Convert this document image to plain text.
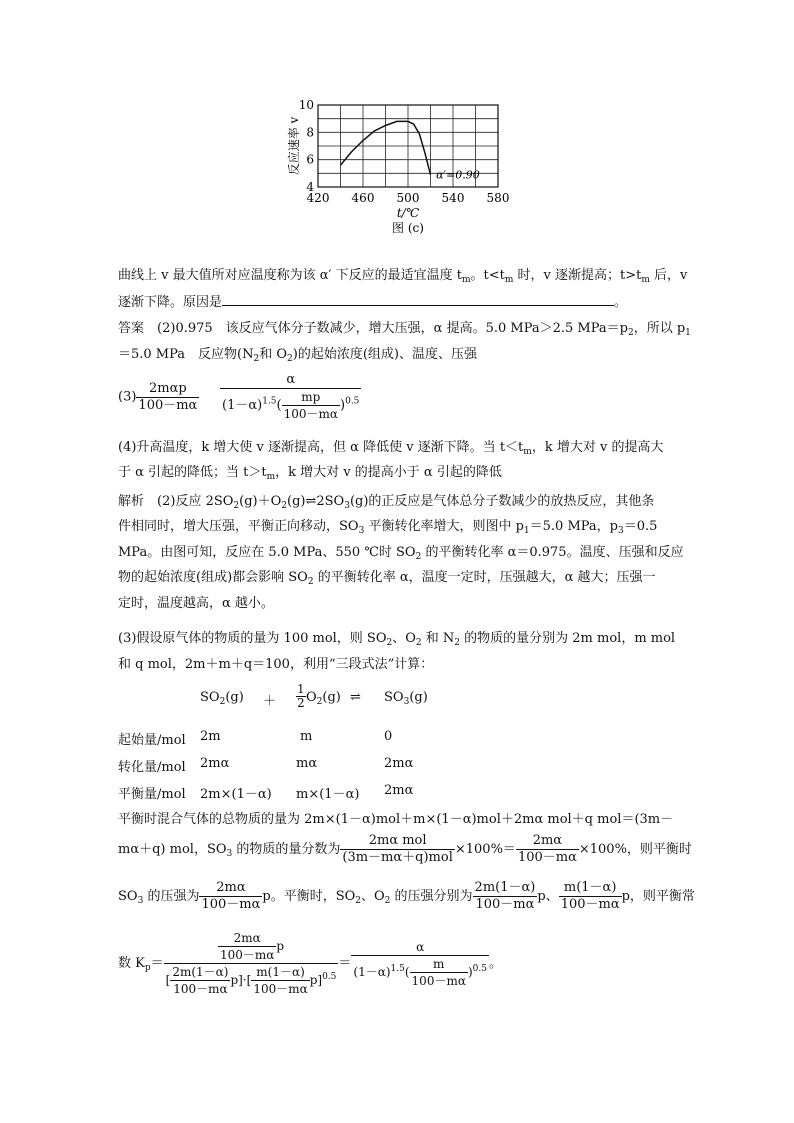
420 460 500 540 580
4
6
8
10
α′=0.90
t/℃
图 (c)
反应速率 v
曲线上 v 最大值所对应温度称为该 α′ 下反应的最适宜温度 $t_m$。$t<t_m$ 时，v 逐渐提高；$t>t_m$ 后，v
逐渐下降。原因是	。
答案　 (2)0.975　该反应气体分子数减少，增大压强，α 提高。5.0 MPa＞2.5 $MPa=p_2$，所以 $p_1$
＝5.0 MPa　反应物($N_2$和 $O_2$)的起始浓度(组成)、温度、压强
$(3) \frac{\text{2mαp}}{100-m\alpha}$
$\frac{\alpha}{(1-\alpha)^{1.5}( \frac{mp}{100-m\alpha} )^{0.5}}$
(4)升高温度，k 增大使 v 逐渐提高，但 α 降低使 v 逐渐下降。当 $t<t_m$，k 增大对 v 的提高大
于 α 引起的降低；当 $t>t_m$，k 增大对 v 的提高小于 α 引起的降低
解析　 (2)反应 $2SO_2(g)+O_2(g)\rightleftharpoons 2SO_3(g)$的正反应是气体总分子数减少的放热反应，其他条
件相同时，增大压强，平衡正向移动，$SO_3$ 平衡转化率增大，则图中 $p_1=5.0$ MPa，$p_3=0.5$
MPa。由图可知，反应在 5.0 MPa、550 ℃时 $SO_2$ 的平衡转化率 α＝0.975。温度、压强和反应
物的起始浓度(组成)都会影响 $SO_2$ 的平衡转化率 α，温度一定时，压强越大，α 越大；压强一
定时，温度越高，α 越小。
(3)假设原气体的物质的量为 100 mol，则 $SO_2$、$O_2$ 和 $N_2$ 的物质的量分别为 2m mol，m mol
和 q mol，2m＋m＋q＝100，利用“三段式法”计算：
$SO_2(g)$ ＋
1
2 $O_2(g)$ ⇌ $SO_3(g)$
起始量/mol 2m	m	0
转化量/mol 2mα	mα	2mα
平衡量/mol 2m×(1－α) m×(1－α) 2mα
平衡时混合气体的总物质的量为 2m×(1－α)mol＋m×(1－α)mol＋2mα mol＋q mol＝(3m－
mα＋q) mol，$SO_3$ 的物质的量分数为 $\frac{\text{2mα mol}}{\text{(3m－mα＋q)mol}} \times 100\%= \frac{2m\alpha}{100-m\alpha} \times 100\%$，则平衡时
$SO_3$ 的压强为 $\frac{2m\alpha}{100-m\alpha}$ p。平衡时，$SO_2$、$O_2$ 的压强分别为 $\frac{2m(1-\alpha)}{100-m\alpha}$ p、 $\frac{m(1-\alpha)}{100-m\alpha}$ p，则平衡常
数 $K_p= \frac{\frac{2m\alpha}{100-m\alpha} p}{[ \frac{2m(1-\alpha)}{100-m\alpha} p]\cdot[ \frac{m(1-\alpha)}{100-m\alpha} p]^{0.5}} = \frac{\alpha}{(1-\alpha)^{1.5}( \frac{m}{100-m\alpha} )^{0.5}}$ 。
